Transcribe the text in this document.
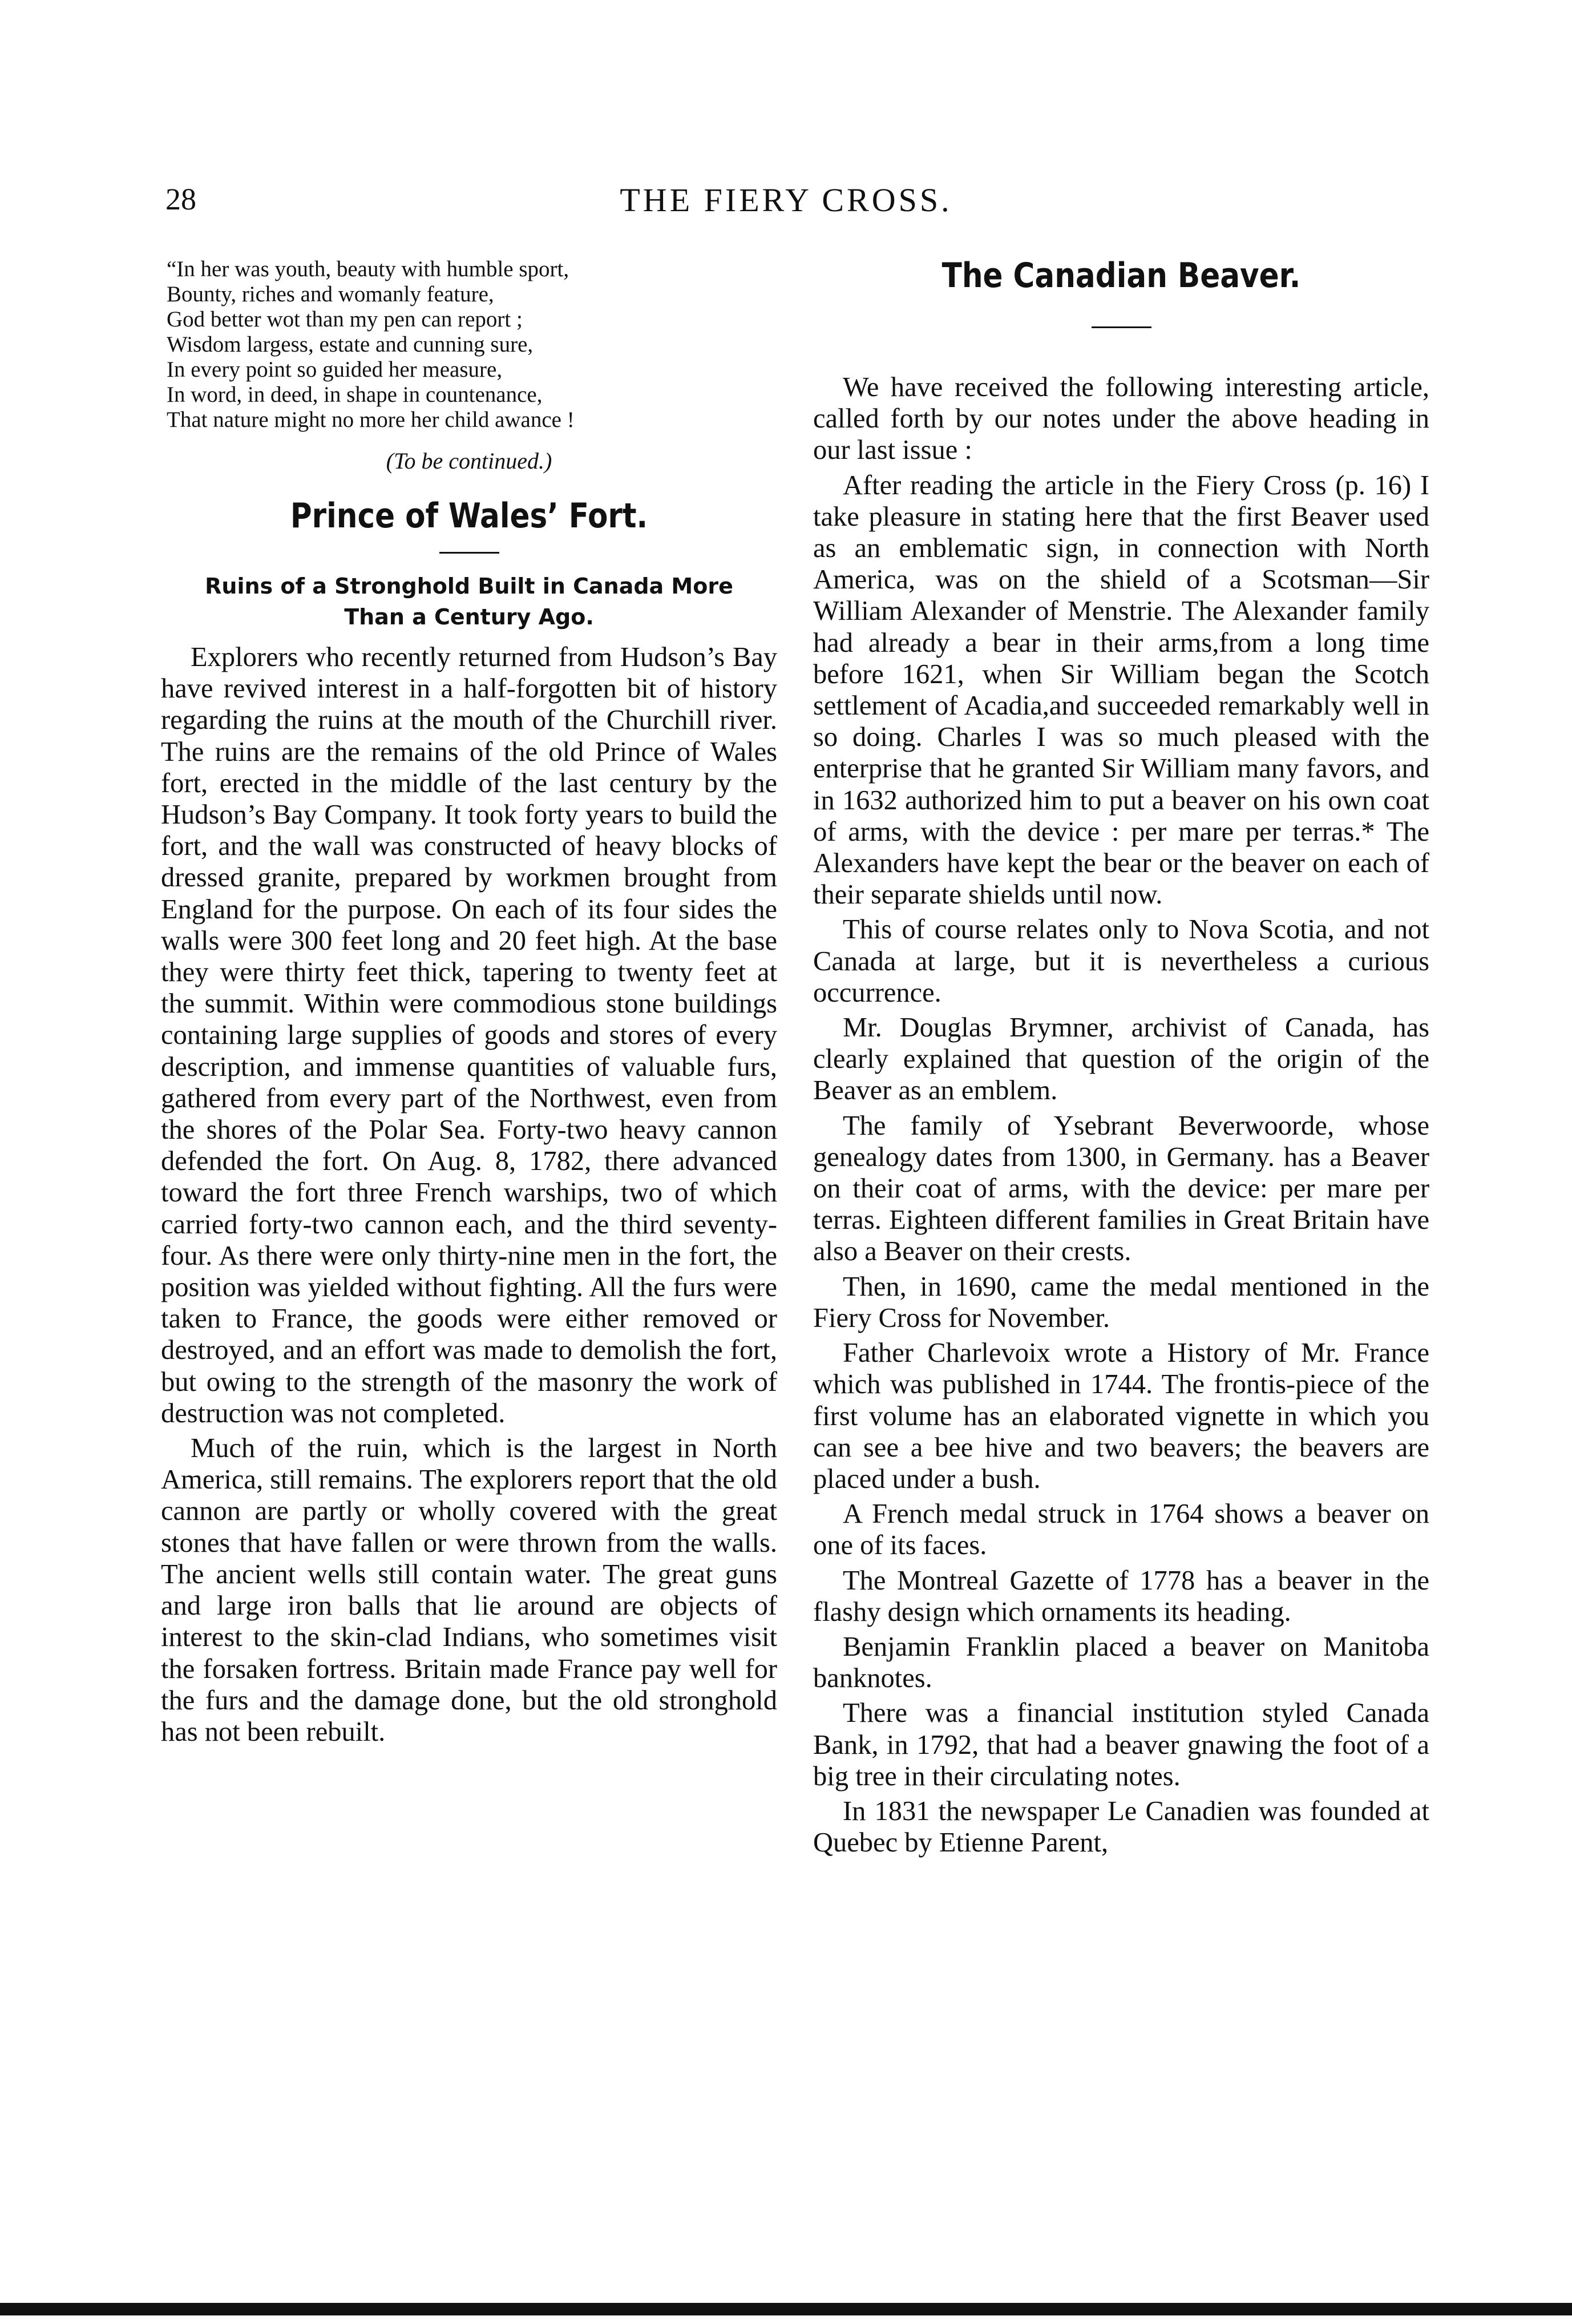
28	THE FIERY CROSS.
“In her was youth, beauty with humble sport,
Bounty, riches and womanly feature,
God better wot than my pen can report ;
Wisdom largess, estate and cunning sure,
In every point so guided her measure,
In word, in deed, in shape in countenance,
That nature might no more her child awance !
(To be continued.)
Prince of Wales’ Fort.
Ruins of a Stronghold Built in Canada More
Than a Century Ago.

Explorers who recently returned from Hudson’s Bay have revived interest in a half-forgotten bit of history regarding the ruins at the mouth of the Churchill river. The ruins are the remains of the old Prince of Wales fort, erected in the middle of the last century by the Hudson’s Bay Company. It took forty years to build the fort, and the wall was constructed of heavy blocks of dressed granite, prepared by workmen brought from England for the purpose. On each of its four sides the walls were 300 feet long and 20 feet high. At the base they were thirty feet thick, tapering to twenty feet at the summit. Within were commodious stone buildings containing large supplies of goods and stores of every description, and immense quantities of valuable furs, gathered from every part of the Northwest, even from the shores of the Polar Sea. Forty-two heavy cannon defended the fort. On Aug. 8, 1782, there advanced toward the fort three French warships, two of which carried forty-two cannon each, and the third seventy-four. As there were only thirty-nine men in the fort, the position was yielded without fighting. All the furs were taken to France, the goods were either removed or destroyed, and an effort was made to demolish the fort, but owing to the strength of the masonry the work of destruction was not completed.

Much of the ruin, which is the largest in North America, still remains. The explorers report that the old cannon are partly or wholly covered with the great stones that have fallen or were thrown from the walls. The ancient wells still contain water. The great guns and large iron balls that lie around are objects of interest to the skin-clad Indians, who sometimes visit the forsaken fortress. Britain made France pay well for the furs and the damage done, but the old stronghold has not been rebuilt.

The Canadian Beaver.

We have received the following interesting article, called forth by our notes under the above heading in our last issue :

After reading the article in the Fiery Cross (p. 16) I take pleasure in stating here that the first Beaver used as an emblematic sign, in connection with North America, was on the shield of a Scotsman—Sir William Alexander of Menstrie. The Alexander family had already a bear in their arms,from a long time before 1621, when Sir William began the Scotch settlement of Acadia,and succeeded remarkably well in so doing. Charles I was so much pleased with the enterprise that he granted Sir William many favors, and in 1632 authorized him to put a beaver on his own coat of arms, with the device : per mare per terras.* The Alexanders have kept the bear or the beaver on each of their separate shields until now.

This of course relates only to Nova Scotia, and not Canada at large, but it is nevertheless a curious occurrence.

Mr. Douglas Brymner, archivist of Canada, has clearly explained that question of the origin of the Beaver as an emblem.

The family of Ysebrant Beverwoorde, whose genealogy dates from 1300, in Germany. has a Beaver on their coat of arms, with the device: per mare per terras. Eighteen different families in Great Britain have also a Beaver on their crests.

Then, in 1690, came the medal mentioned in the Fiery Cross for November.

Father Charlevoix wrote a History of Mr. France which was published in 1744. The frontis-piece of the first volume has an elaborated vignette in which you can see a bee hive and two beavers; the beavers are placed under a bush.

A French medal struck in 1764 shows a beaver on one of its faces.

The Montreal Gazette of 1778 has a beaver in the flashy design which ornaments its heading.

Benjamin Franklin placed a beaver on Manitoba banknotes.

There was a financial institution styled Canada Bank, in 1792, that had a beaver gnawing the foot of a big tree in their circulating notes.

In 1831 the newspaper Le Canadien was founded at Quebec by Etienne Parent,
